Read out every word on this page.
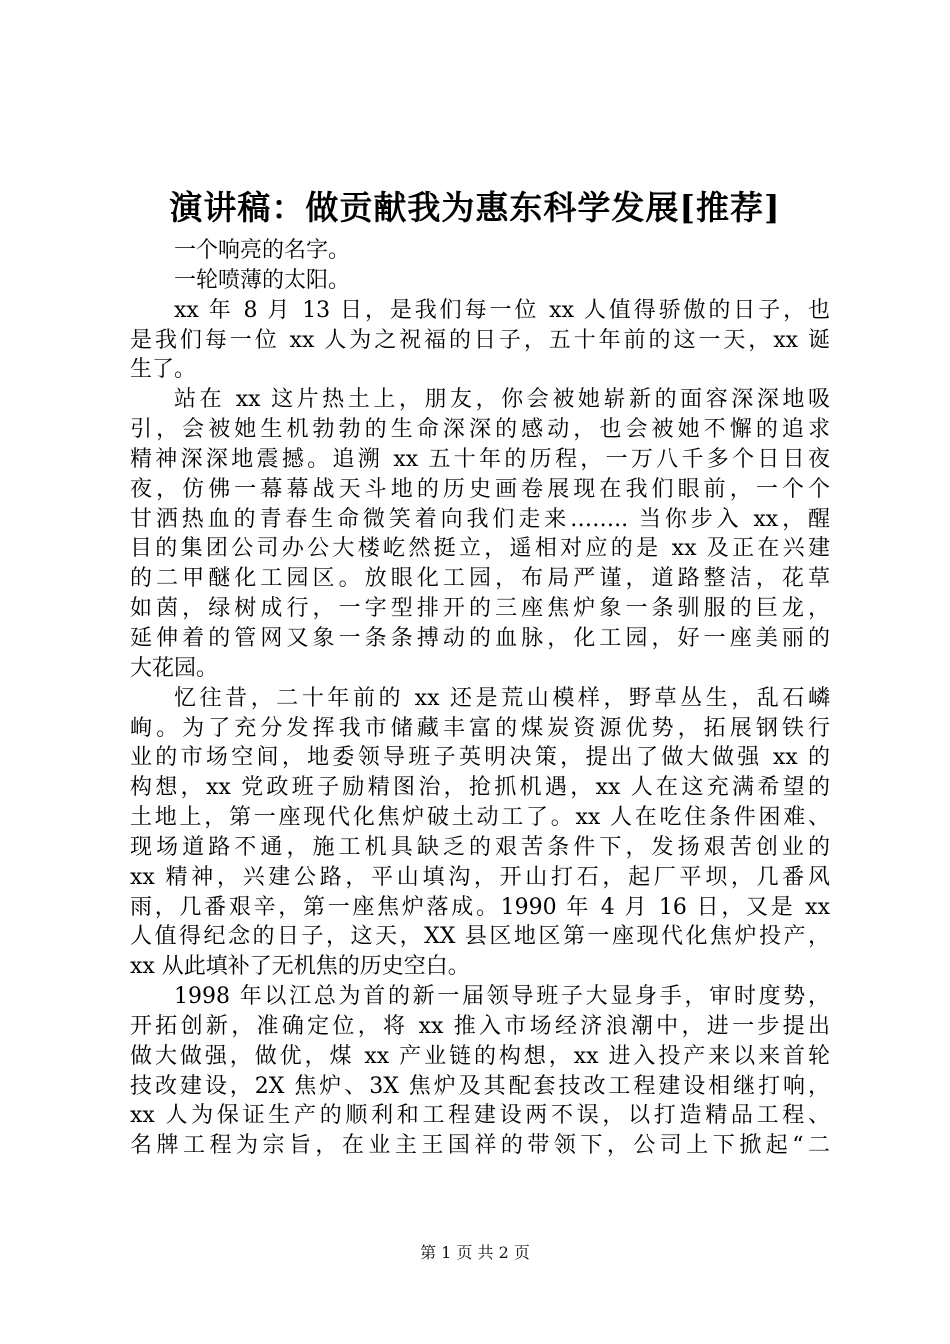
演讲稿：做贡献我为惠东科学发展[推荐]
一个响亮的名字。
一轮喷薄的太阳。
xx 年 8 月 13 日，是我们每一位 xx 人值得骄傲的日子，也
是我们每一位 xx 人为之祝福的日子，五十年前的这一天，xx 诞
生了。
站在 xx 这片热土上，朋友，你会被她崭新的面容深深地吸
引，会被她生机勃勃的生命深深的感动，也会被她不懈的追求
精神深深地震撼。追溯 xx 五十年的历程，一万八千多个日日夜
夜，仿佛一幕幕战天斗地的历史画卷展现在我们眼前，一个个
甘洒热血的青春生命微笑着向我们走来…….. 当你步入 xx，醒
目的集团公司办公大楼屹然挺立，遥相对应的是 xx 及正在兴建
的二甲醚化工园区。放眼化工园，布局严谨，道路整洁，花草
如茵，绿树成行，一字型排开的三座焦炉象一条驯服的巨龙，
延伸着的管网又象一条条搏动的血脉，化工园，好一座美丽的
大花园。
忆往昔，二十年前的 xx 还是荒山模样，野草丛生，乱石嶙
峋。为了充分发挥我市储藏丰富的煤炭资源优势，拓展钢铁行
业的市场空间，地委领导班子英明决策，提出了做大做强 xx 的
构想，xx 党政班子励精图治，抢抓机遇，xx 人在这充满希望的
土地上，第一座现代化焦炉破土动工了。xx 人在吃住条件困难、
现场道路不通，施工机具缺乏的艰苦条件下，发扬艰苦创业的
xx 精神，兴建公路，平山填沟，开山打石，起厂平坝，几番风
雨，几番艰辛，第一座焦炉落成。1990 年 4 月 16 日，又是 xx
人值得纪念的日子，这天，XX 县区地区第一座现代化焦炉投产，
xx 从此填补了无机焦的历史空白。
1998 年以江总为首的新一届领导班子大显身手，审时度势，
开拓创新，准确定位，将 xx 推入市场经济浪潮中，进一步提出
做大做强，做优，煤 xx 产业链的构想，xx 进入投产来以来首轮
技改建设，2X 焦炉、3X 焦炉及其配套技改工程建设相继打响，
xx 人为保证生产的顺利和工程建设两不误，以打造精品工程、
名牌工程为宗旨，在业主王国祥的带领下，公司上下掀起“二
第 1 页 共 2 页
